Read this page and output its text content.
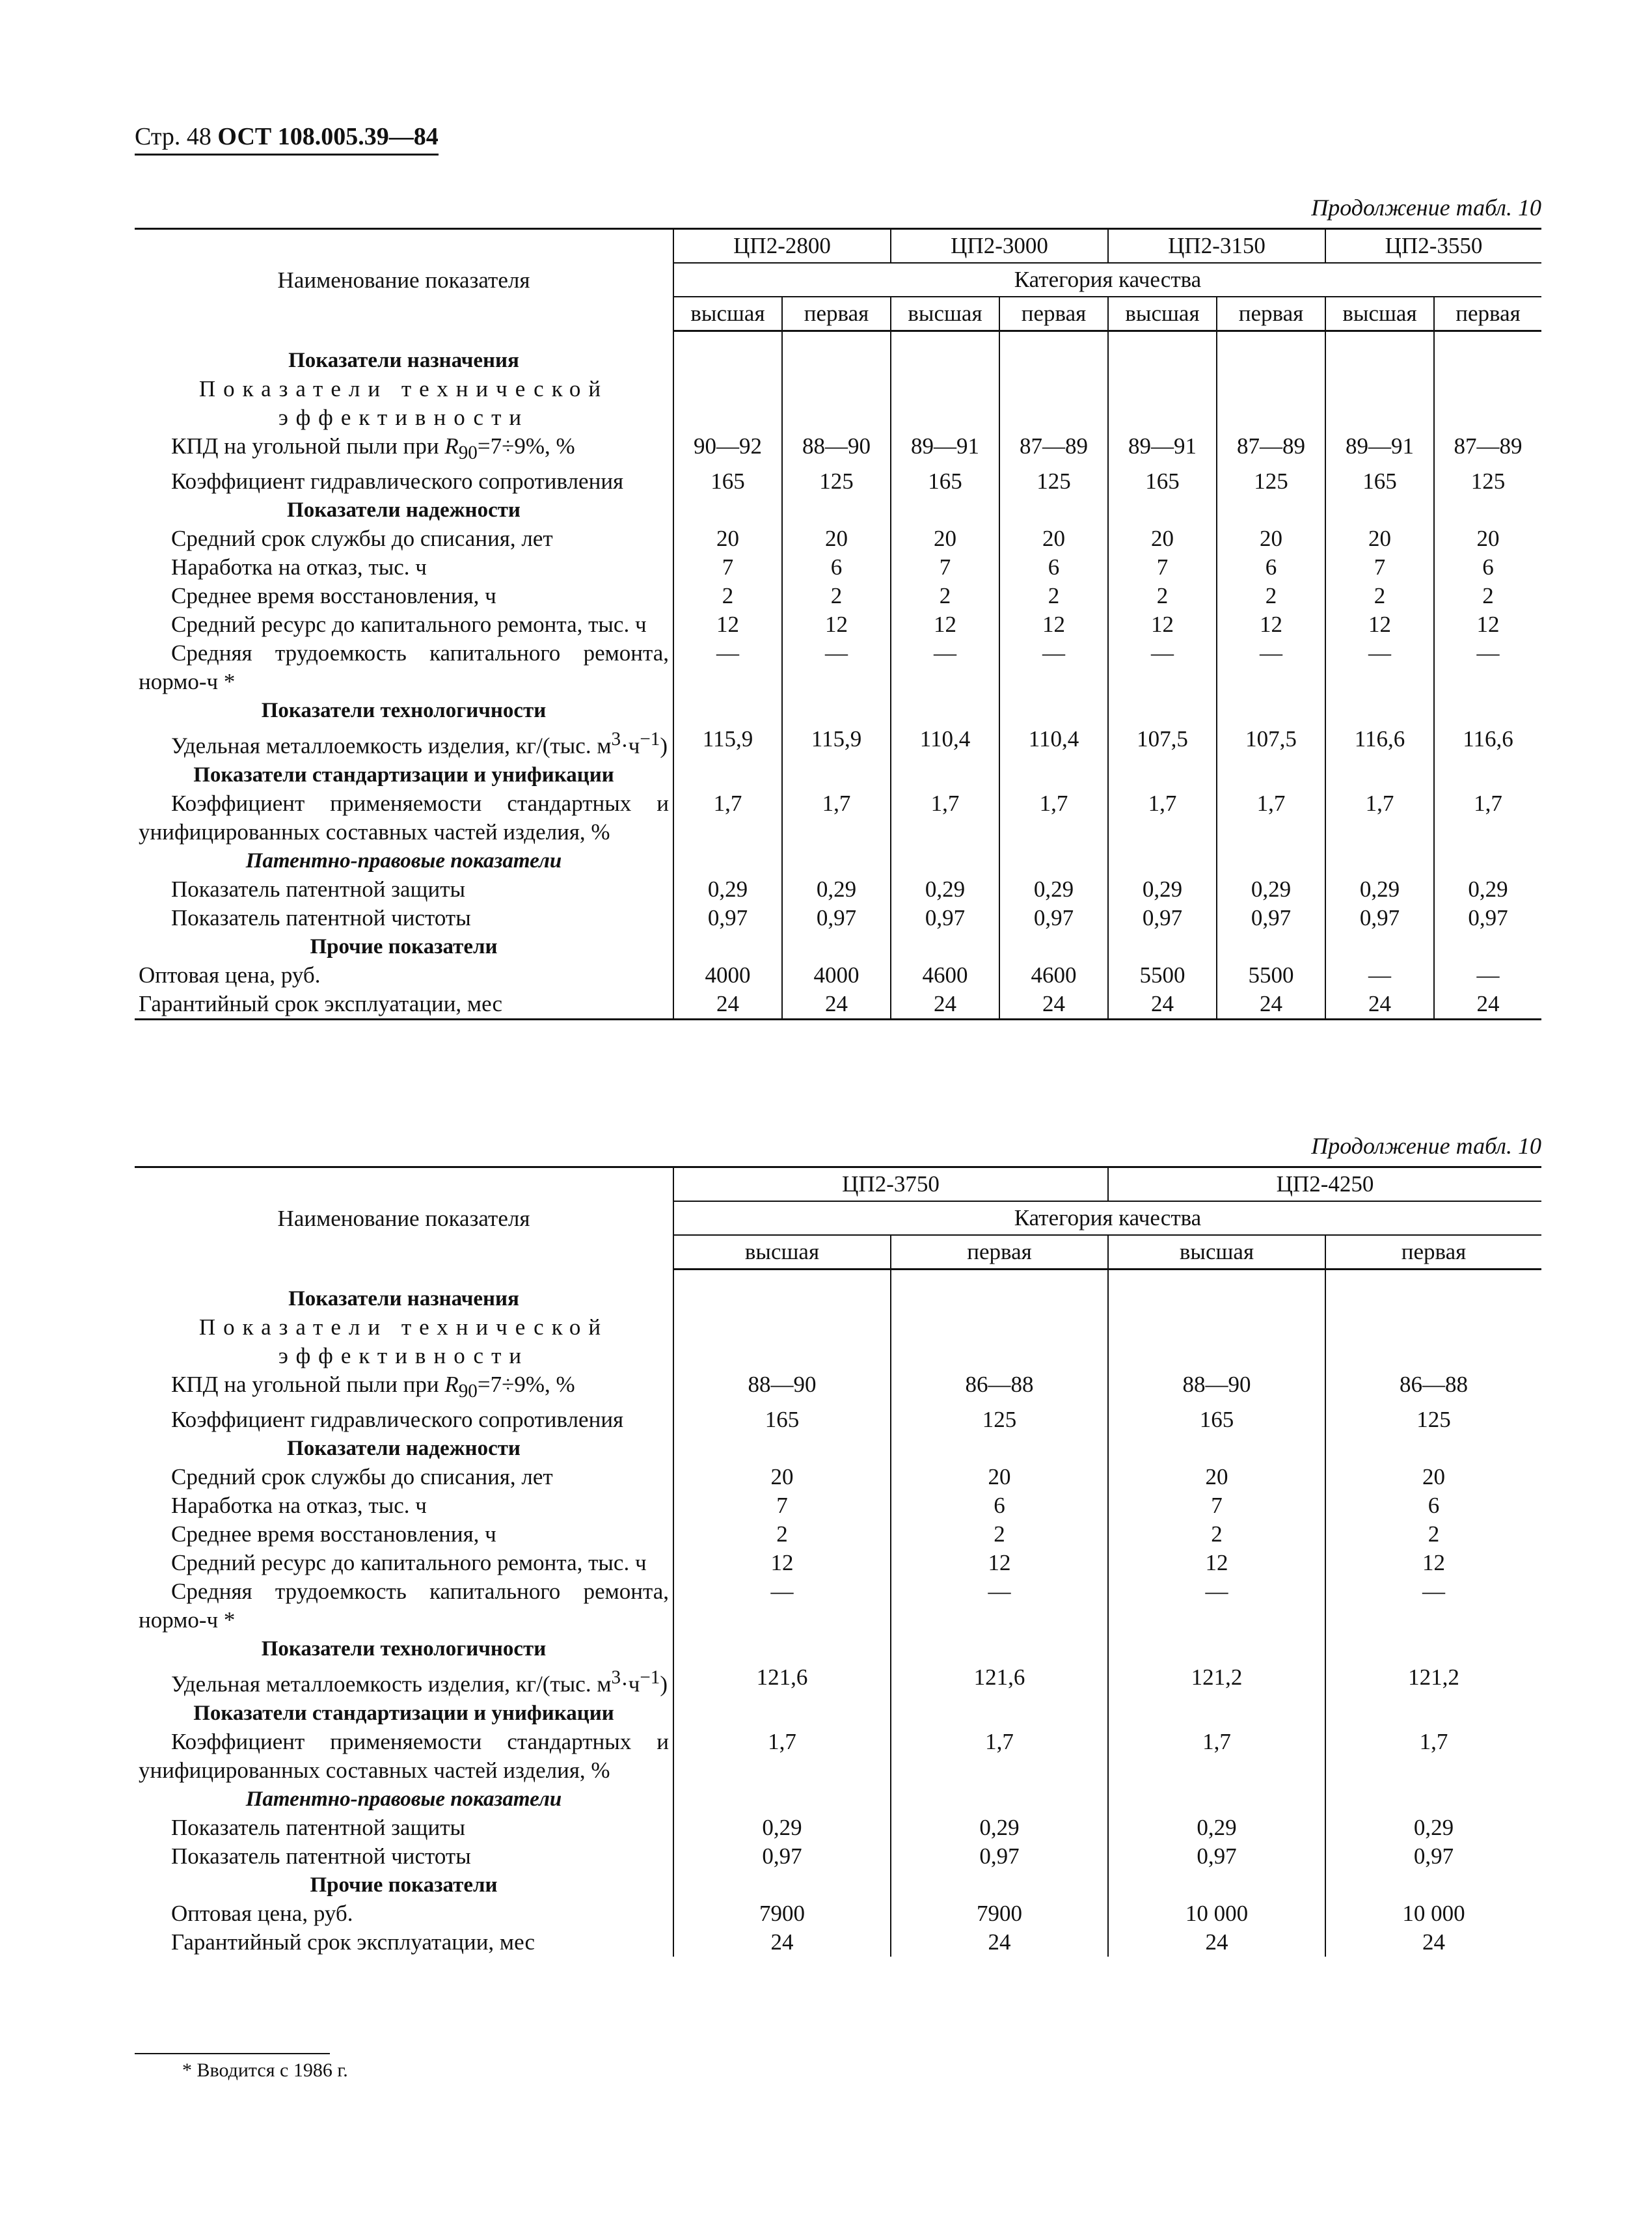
Стр. 48 ОСТ 108.005.39—84
Продолжение табл. 10
Наименование показателя	ЦП2-2800		ЦП2-3000		ЦП2-3150		ЦП2-3550	
	Категория качества							
	высшая	первая	высшая	первая	высшая	первая	высшая	первая

Показатели назначения								
Показатели технической эффективности								
КПД на угольной пыли при $R_{90}=7\div 9\%$, %	90—92	88—90	89—91	87—89	89—91	87—89	89—91	87—89
Коэффициент гидравлического сопротивления	165	125	165	125	165	125	165	125
Показатели надежности								
Средний срок службы до списания, лет	20	20	20	20	20	20	20	20
Наработка на отказ, тыс. ч	7	6	7	6	7	6	7	6
Среднее время восстановления, ч	2	2	2	2	2	2	2	2
Средний ресурс до капитального ремонта, тыс. ч	12	12	12	12	12	12	12	12
Средняя трудоемкость капитального ремонта, нормо-ч *	—	—	—	—	—	—	—	—
Показатели технологичности								
Удельная металлоемкость изделия, кг/(тыс. $м^3\cdot ч^{-1}$)	115,9	115,9	110,4	110,4	107,5	107,5	116,6	116,6
Показатели стандартизации и унификации								
Коэффициент применяемости стандартных и унифицированных составных частей изделия, %	1,7	1,7	1,7	1,7	1,7	1,7	1,7	1,7
Патентно-правовые показатели								
Показатель патентной защиты	0,29	0,29	0,29	0,29	0,29	0,29	0,29	0,29
Показатель патентной чистоты	0,97	0,97	0,97	0,97	0,97	0,97	0,97	0,97
Прочие показатели								
Оптовая цена, руб.	4000	4000	4600	4600	5500	5500	—	—
Гарантийный срок эксплуатации, мес	24	24	24	24	24	24	24	24
Продолжение табл. 10
Наименование показателя	ЦП2-3750		ЦП2-4250	
	Категория качества			
	высшая	первая	высшая	первая

Показатели назначения				
Показатели технической эффективности				
КПД на угольной пыли при $R_{90}=7\div 9\%$, %	88—90	86—88	88—90	86—88
Коэффициент гидравлического сопротивления	165	125	165	125
Показатели надежности				
Средний срок службы до списания, лет	20	20	20	20
Наработка на отказ, тыс. ч	7	6	7	6
Среднее время восстановления, ч	2	2	2	2
Средний ресурс до капитального ремонта, тыс. ч	12	12	12	12
Средняя трудоемкость капитального ремонта, нормо-ч *	—	—	—	—
Показатели технологичности				
Удельная металлоемкость изделия, кг/(тыс. $м^3\cdot ч^{-1}$)	121,6	121,6	121,2	121,2
Показатели стандартизации и унификации				
Коэффициент применяемости стандартных и унифицированных составных частей изделия, %	1,7	1,7	1,7	1,7
Патентно-правовые показатели				
Показатель патентной защиты	0,29	0,29	0,29	0,29
Показатель патентной чистоты	0,97	0,97	0,97	0,97
Прочие показатели				
Оптовая цена, руб.	7900	7900	10 000	10 000
Гарантийный срок эксплуатации, мес	24	24	24	24
* Вводится с 1986 г.
